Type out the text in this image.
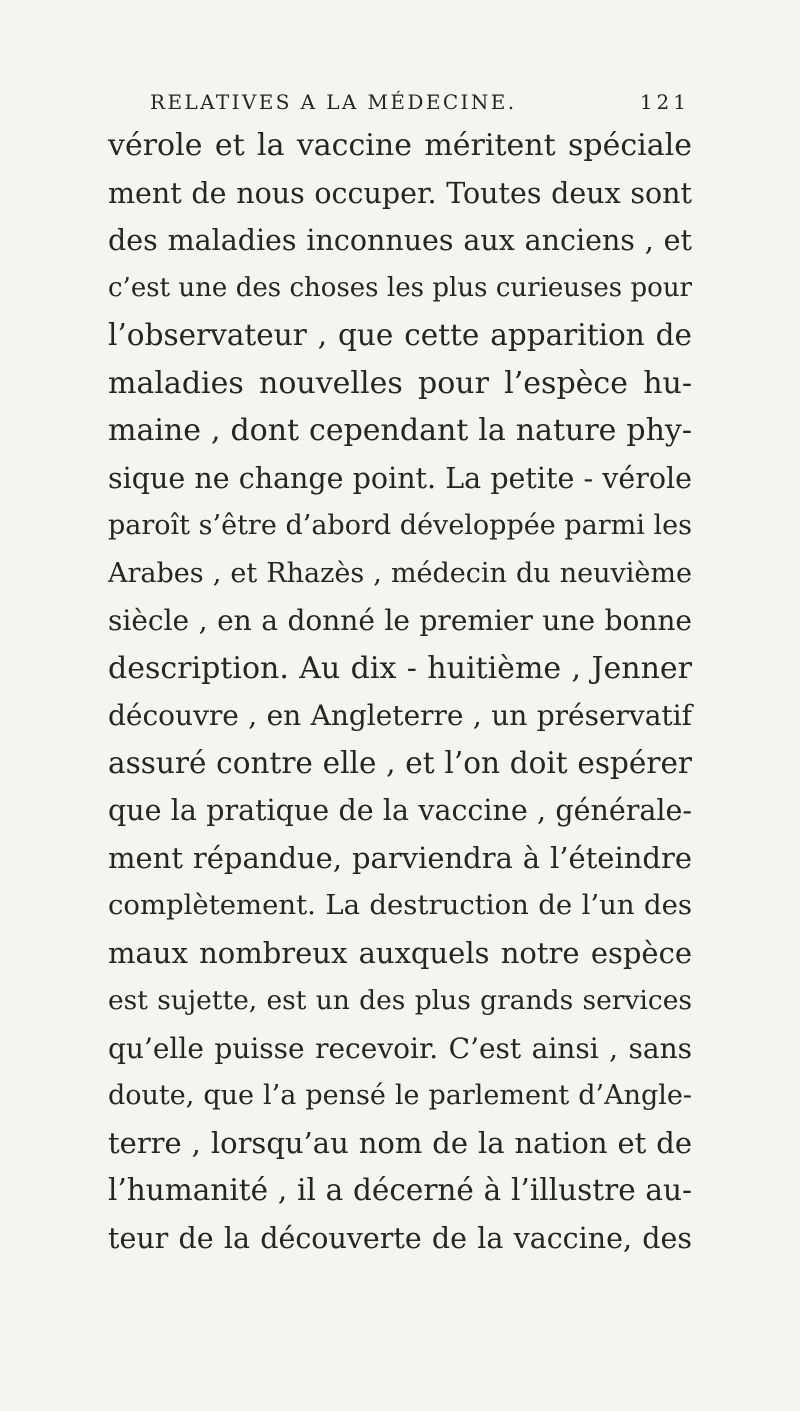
RELATIVES A LA MÉDECINE.	121
vérole et la vaccine méritent spéciale
ment de nous occuper. Toutes deux sont
des maladies inconnues aux anciens , et
c’est une des choses les plus curieuses pour
l’observateur , que cette apparition de
maladies nouvelles pour l’espèce hu-
maine , dont cependant la nature phy-
sique ne change point. La petite - vérole
paroît s’être d’abord développée parmi les
Arabes , et Rhazès , médecin du neuvième
siècle , en a donné le premier une bonne
description. Au dix - huitième , Jenner
découvre , en Angleterre , un préservatif
assuré contre elle , et l’on doit espérer
que la pratique de la vaccine , générale-
ment répandue, parviendra à l’éteindre
complètement. La destruction de l’un des
maux nombreux auxquels notre espèce
est sujette, est un des plus grands services
qu’elle puisse recevoir. C’est ainsi , sans
doute, que l’a pensé le parlement d’Angle-
terre , lorsqu’au nom de la nation et de
l’humanité , il a décerné à l’illustre au-
teur de la découverte de la vaccine, des
